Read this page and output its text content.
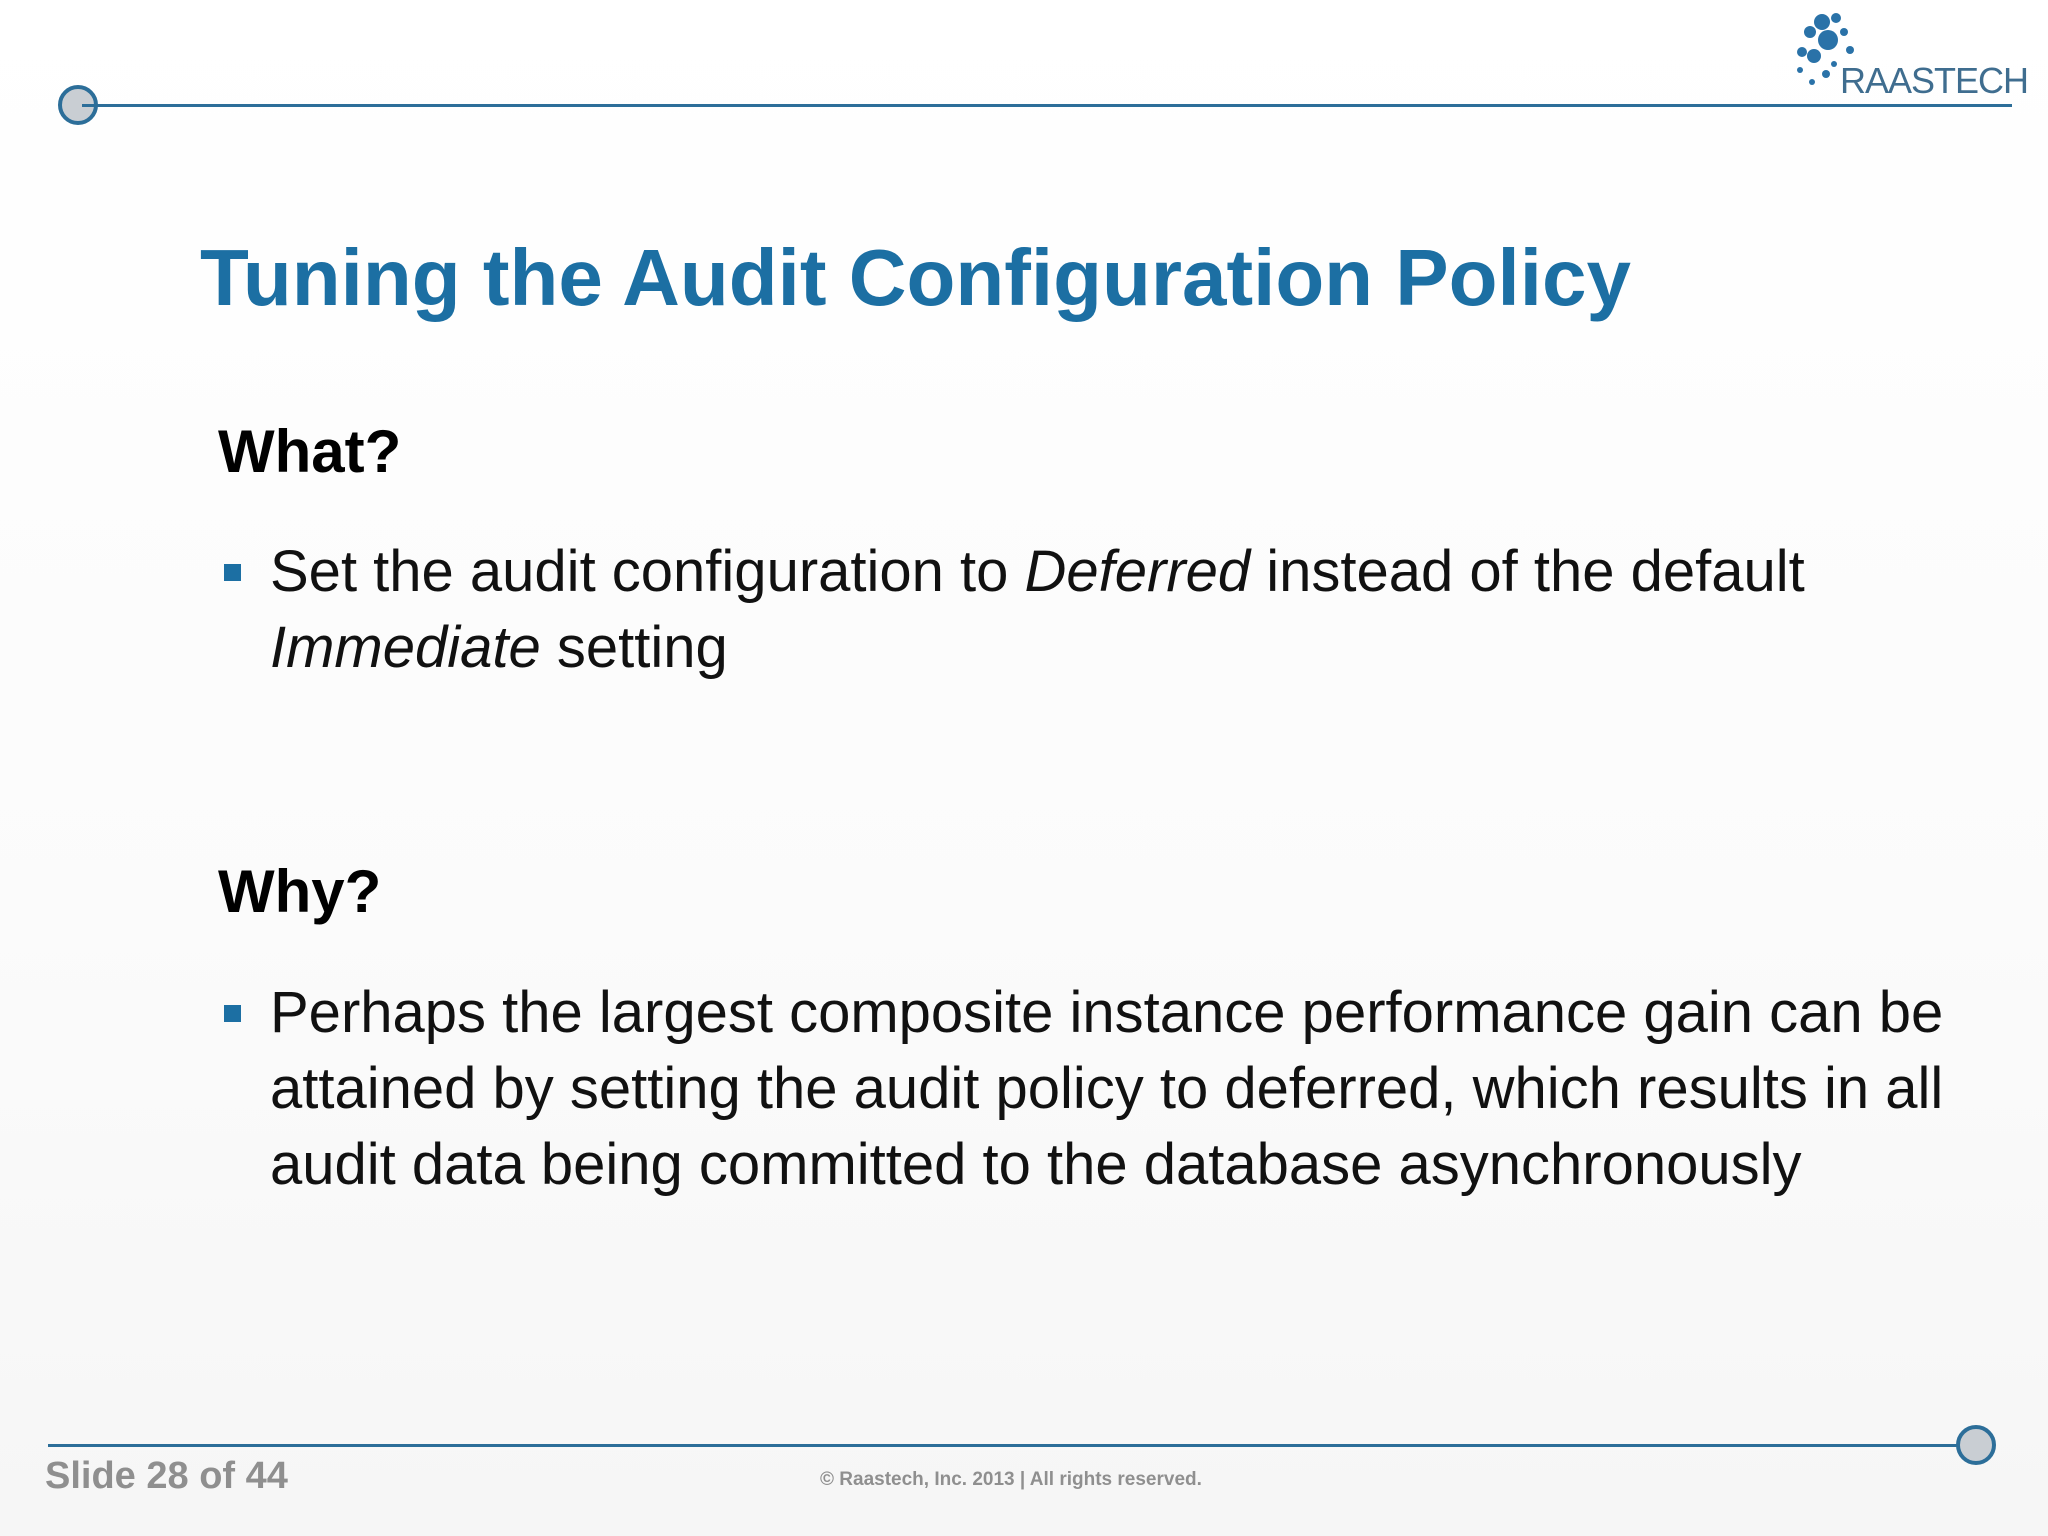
RAASTECH
Tuning the Audit Configuration Policy
What?

Set the audit configuration to Deferred instead of the default
Immediate setting

Why?

Perhaps the largest composite instance performance gain can be attained by setting the audit policy to deferred, which results in all audit data being committed to the database asynchronously

Slide 28 of 44	© Raastech, Inc. 2013 | All rights reserved.
